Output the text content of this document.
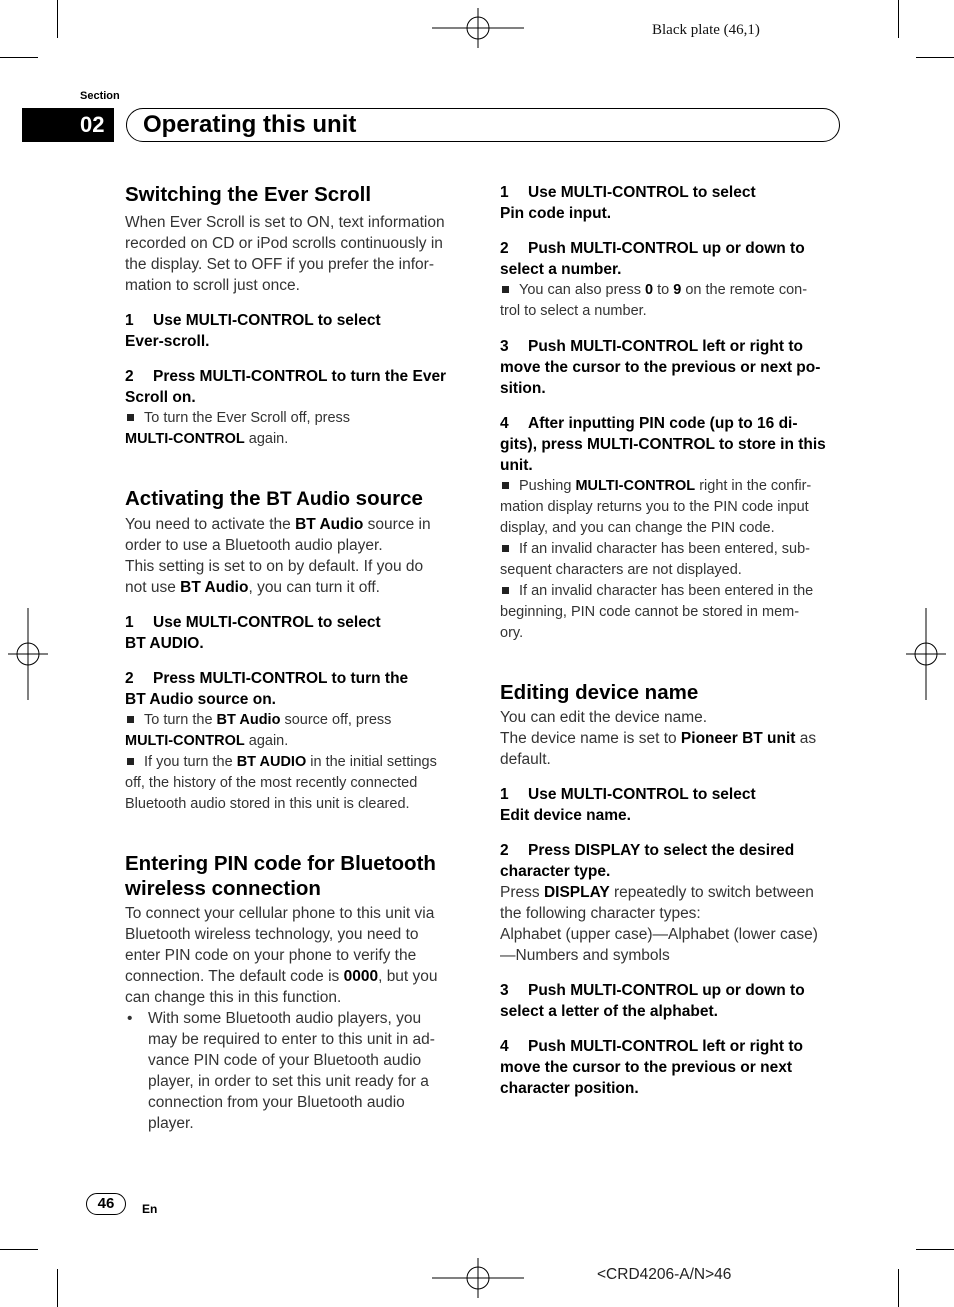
Black plate (46,1)
Section
02 Operating this unit
Switching the Ever Scroll

When Ever Scroll is set to ON, text information

recorded on CD or iPod scrolls continuously in

the display. Set to OFF if you prefer the infor-

mation to scroll just once.

1 Use MULTI-CONTROL to select
Ever-scroll.
2 Press MULTI-CONTROL to turn the Ever
Scroll on.
To turn the Ever Scroll off, press
MULTI-CONTROL again.
Activating the BT Audio source

You need to activate the BT Audio source in

order to use a Bluetooth audio player.

This setting is set to on by default. If you do

not use BT Audio, you can turn it off.

1 Use MULTI-CONTROL to select
BT AUDIO.
2 Press MULTI-CONTROL to turn the
BT Audio source on.
To turn the BT Audio source off, press
MULTI-CONTROL again.
If you turn the BT AUDIO in the initial settings
off, the history of the most recently connected
Bluetooth audio stored in this unit is cleared.
Entering PIN code for Bluetooth
wireless connection

To connect your cellular phone to this unit via

Bluetooth wireless technology, you need to

enter PIN code on your phone to verify the

connection. The default code is 0000, but you

can change this in this function.

• With some Bluetooth audio players, you
may be required to enter to this unit in ad-
vance PIN code of your Bluetooth audio
player, in order to set this unit ready for a
connection from your Bluetooth audio
player.
1 Use MULTI-CONTROL to select
Pin code input.
2 Push MULTI-CONTROL up or down to
select a number.
You can also press 0 to 9 on the remote con-
trol to select a number.
3 Push MULTI-CONTROL left or right to
move the cursor to the previous or next po-
sition.
4 After inputting PIN code (up to 16 di-
gits), press MULTI-CONTROL to store in this
unit.
Pushing MULTI-CONTROL right in the confir-
mation display returns you to the PIN code input
display, and you can change the PIN code.
If an invalid character has been entered, sub-
sequent characters are not displayed.
If an invalid character has been entered in the
beginning, PIN code cannot be stored in mem-
ory.
Editing device name

You can edit the device name.

The device name is set to Pioneer BT unit as

default.

1 Use MULTI-CONTROL to select
Edit device name.
2 Press DISPLAY to select the desired
character type.

Press DISPLAY repeatedly to switch between

the following character types:

Alphabet (upper case)—Alphabet (lower case)

—Numbers and symbols

3 Push MULTI-CONTROL up or down to
select a letter of the alphabet.
4 Push MULTI-CONTROL left or right to
move the cursor to the previous or next
character position.
46	En
<CRD4206-A/N>46
